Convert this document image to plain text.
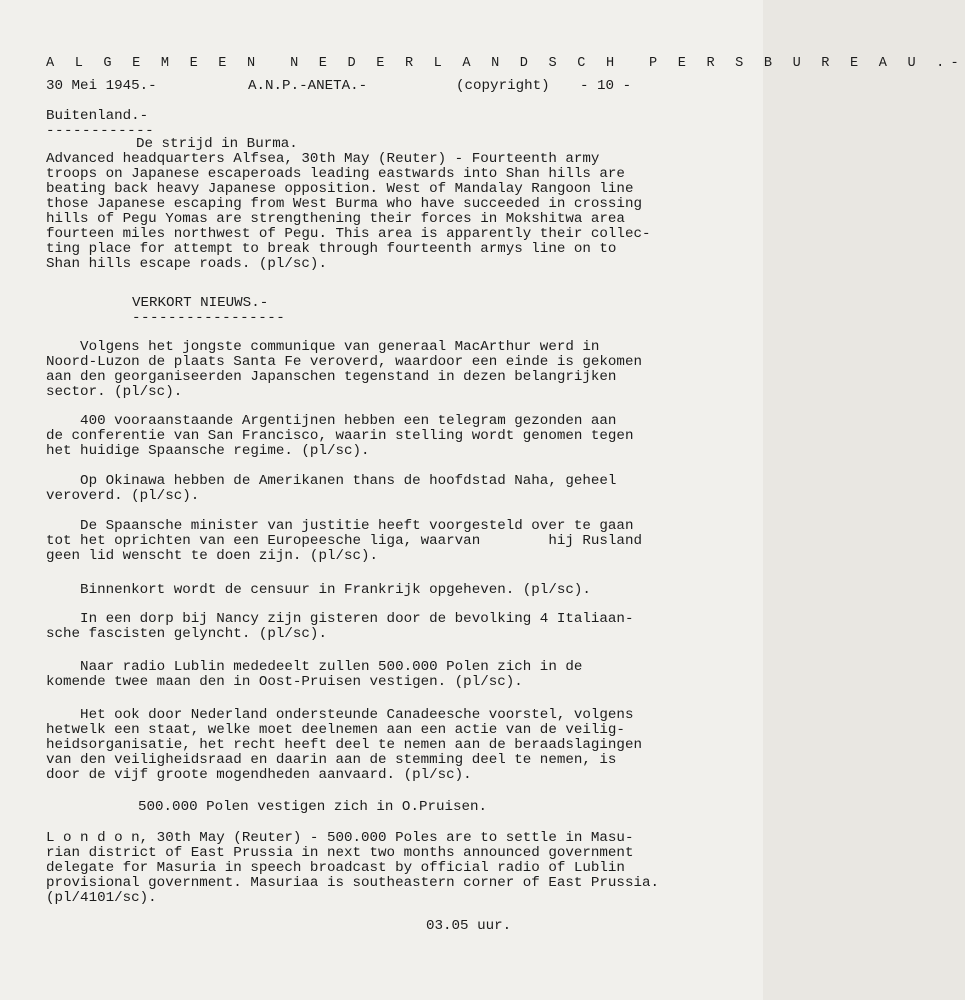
A L G E M E E N  N E D E R L A N D S C H  P E R S B U R E A U .-
30 Mei 1945.-	A.N.P.-ANETA.-	(copyright) - 10 -
Buitenland.-
------------
De strijd in Burma.
Advanced headquarters Alfsea, 30th May (Reuter) - Fourteenth army
troops on Japanese escaperoads leading eastwards into Shan hills are
beating back heavy Japanese opposition. West of Mandalay Rangoon line
those Japanese escaping from West Burma who have succeeded in crossing
hills of Pegu Yomas are strengthening their forces in Mokshitwa area
fourteen miles northwest of Pegu. This area is apparently their collec-
ting place for attempt to break through fourteenth armys line on to
Shan hills escape roads. (pl/sc).
VERKORT NIEUWS.-
-----------------
Volgens het jongste communique van generaal MacArthur werd in
Noord-Luzon de plaats Santa Fe veroverd, waardoor een einde is gekomen
aan den georganiseerden Japanschen tegenstand in dezen belangrijken
sector. (pl/sc).
400 vooraanstaande Argentijnen hebben een telegram gezonden aan
de conferentie van San Francisco, waarin stelling wordt genomen tegen
het huidige Spaansche regime. (pl/sc).
Op Okinawa hebben de Amerikanen thans de hoofdstad Naha, geheel
veroverd. (pl/sc).
De Spaansche minister van justitie heeft voorgesteld over te gaan
tot het oprichten van een Europeesche liga, waarvan        hij Rusland
geen lid wenscht te doen zijn. (pl/sc).
Binnenkort wordt de censuur in Frankrijk opgeheven. (pl/sc).
In een dorp bij Nancy zijn gisteren door de bevolking 4 Italiaan-
sche fascisten gelyncht. (pl/sc).
Naar radio Lublin mededeelt zullen 500.000 Polen zich in de
komende twee maan den in Oost-Pruisen vestigen. (pl/sc).
Het ook door Nederland ondersteunde Canadeesche voorstel, volgens
hetwelk een staat, welke moet deelnemen aan een actie van de veilig-
heidsorganisatie, het recht heeft deel te nemen aan de beraadslagingen
van den veiligheidsraad en daarin aan de stemming deel te nemen, is
door de vijf groote mogendheden aanvaard. (pl/sc).
500.000 Polen vestigen zich in O.Pruisen.
L o n d o n, 30th May (Reuter) - 500.000 Poles are to settle in Masu-
rian district of East Prussia in next two months announced government
delegate for Masuria in speech broadcast by official radio of Lublin
provisional government. Masuriaa is southeastern corner of East Prussia.
(pl/4101/sc).
03.05 uur.
